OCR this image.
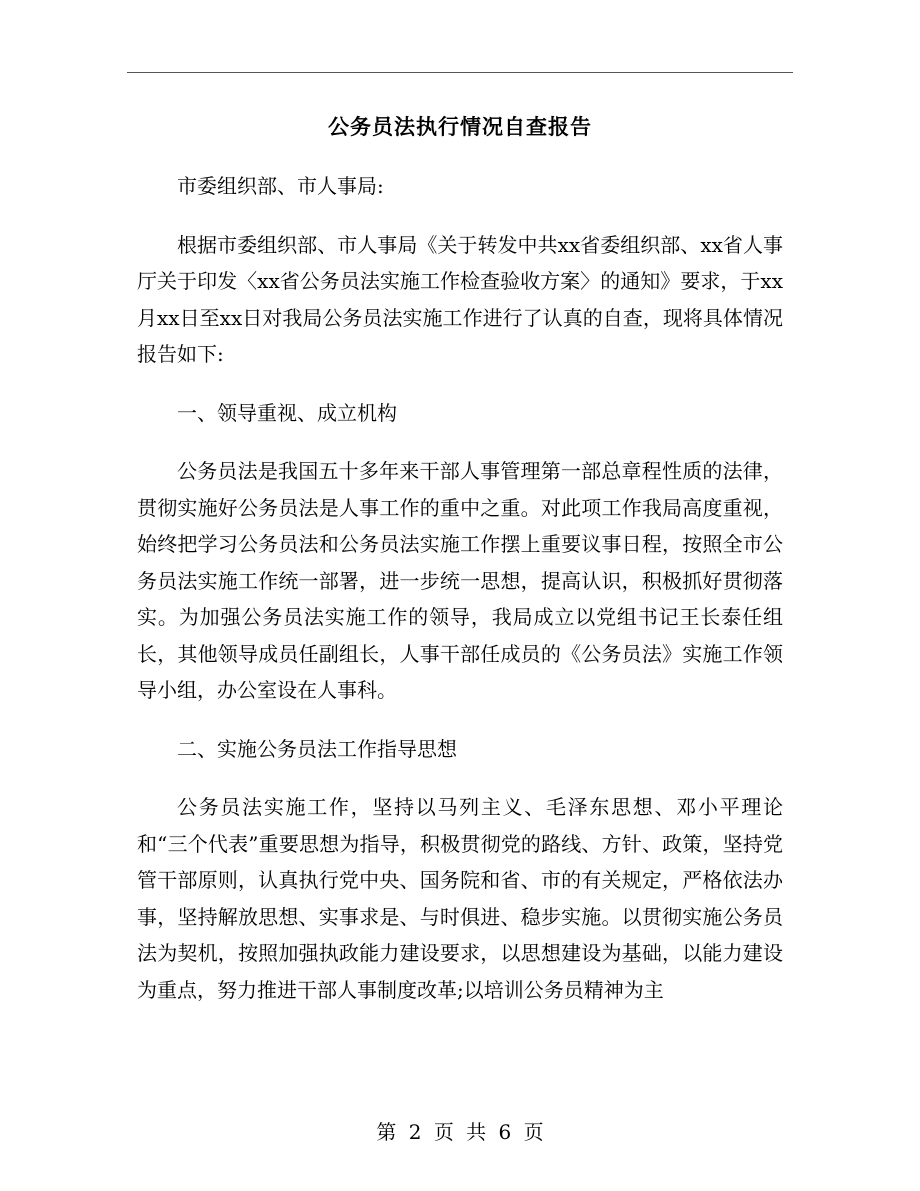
公务员法执行情况自查报告

市委组织部、市人事局:

根据市委组织部、市人事局《关于转发中共xx省委组织部、xx省人事厅关于印发〈xx省公务员法实施工作检查验收方案〉的通知》要求，于xx月xx日至xx日对我局公务员法实施工作进行了认真的自查，现将具体情况报告如下:

一、领导重视、成立机构

公务员法是我国五十多年来干部人事管理第一部总章程性质的法律，贯彻实施好公务员法是人事工作的重中之重。对此项工作我局高度重视，始终把学习公务员法和公务员法实施工作摆上重要议事日程，按照全市公务员法实施工作统一部署，进一步统一思想，提高认识，积极抓好贯彻落实。为加强公务员法实施工作的领导，我局成立以党组书记王长泰任组长，其他领导成员任副组长，人事干部任成员的《公务员法》实施工作领导小组，办公室设在人事科。

二、实施公务员法工作指导思想

公务员法实施工作，坚持以马列主义、毛泽东思想、邓小平理论和“三个代表”重要思想为指导，积极贯彻党的路线、方针、政策，坚持党管干部原则，认真执行党中央、国务院和省、市的有关规定，严格依法办事，坚持解放思想、实事求是、与时俱进、稳步实施。以贯彻实施公务员法为契机，按照加强执政能力建设要求，以思想建设为基础，以能力建设为重点，努力推进干部人事制度改革;以培训公务员精神为主

第 2 页 共 6 页
